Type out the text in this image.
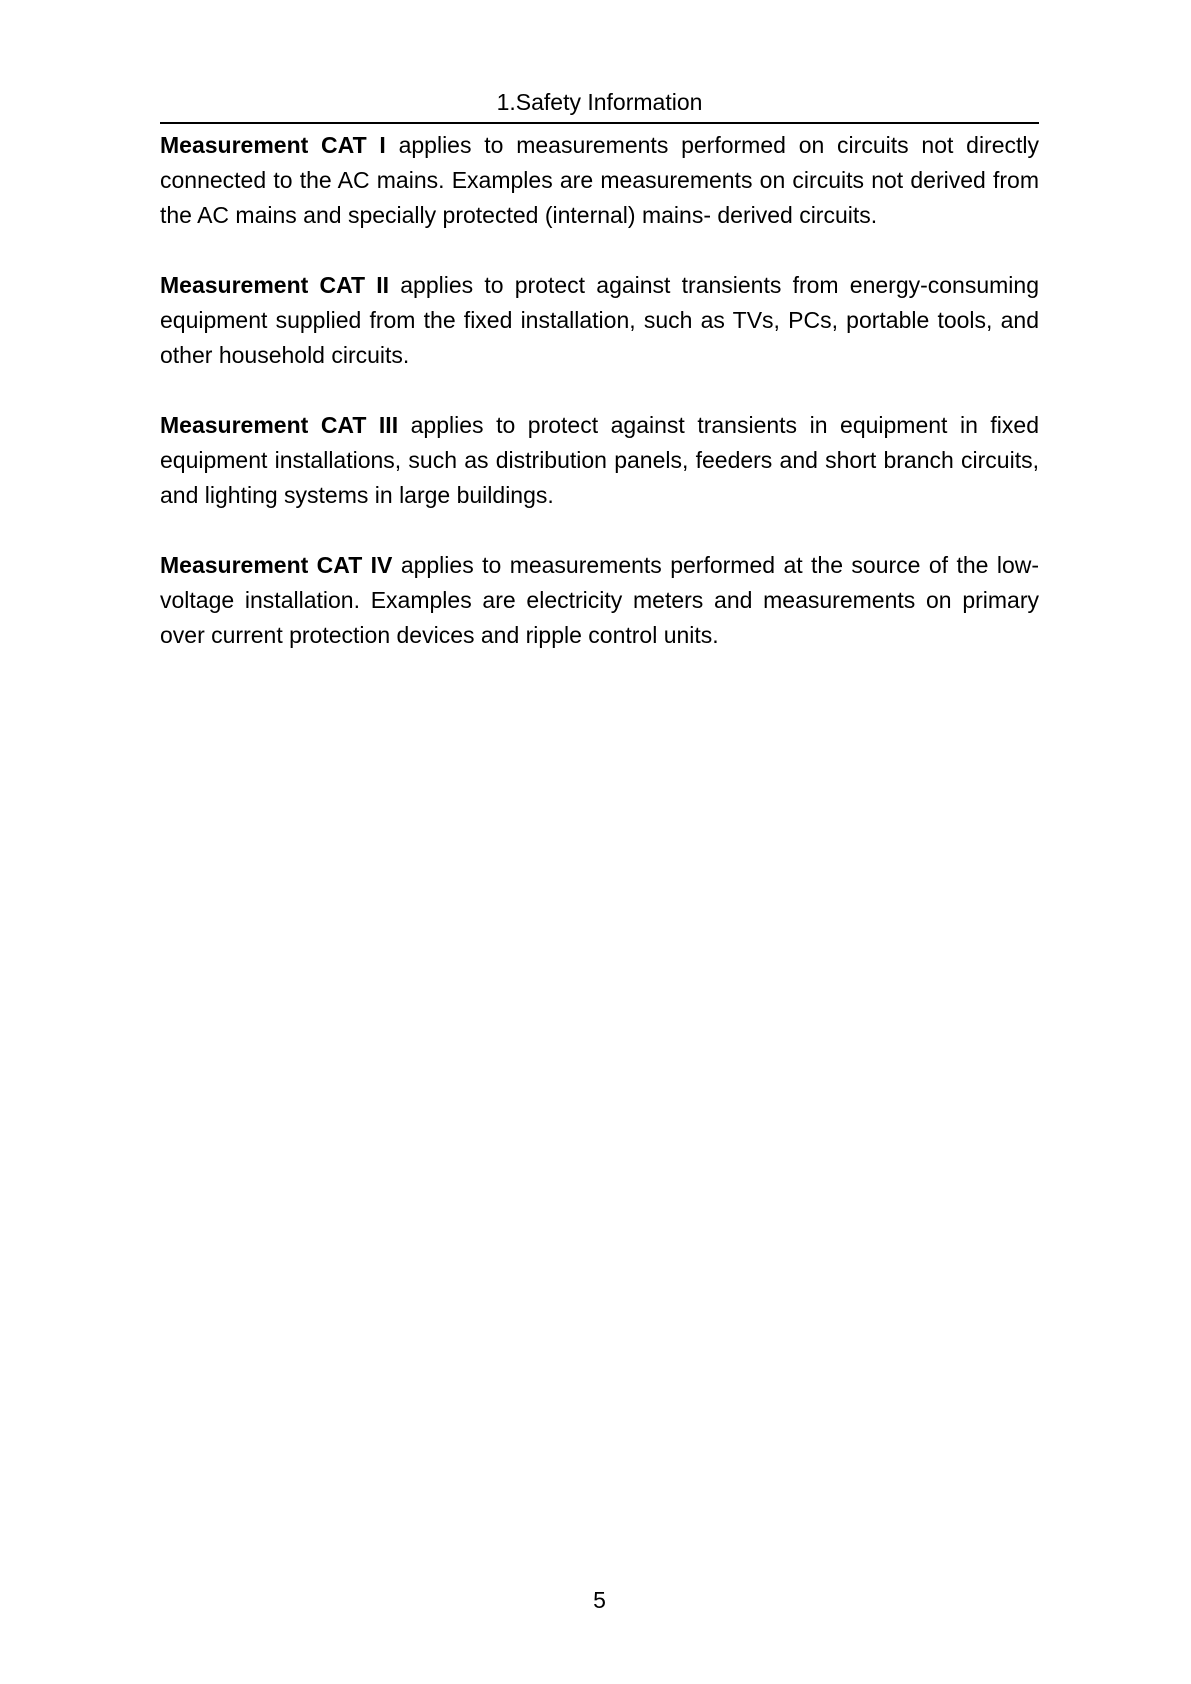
1.Safety Information

Measurement CAT I applies to measurements performed on circuits not directly connected to the AC mains. Examples are measurements on circuits not derived from the AC mains and specially protected (internal) mains- derived circuits.

Measurement CAT II applies to protect against transients from energy-consuming equipment supplied from the fixed installation, such as TVs, PCs, portable tools, and other household circuits.

Measurement CAT III applies to protect against transients in equipment in fixed equipment installations, such as distribution panels, feeders and short branch circuits, and lighting systems in large buildings.

Measurement CAT IV applies to measurements performed at the source of the low- voltage installation. Examples are electricity meters and measurements on primary over current protection devices and ripple control units.

5
